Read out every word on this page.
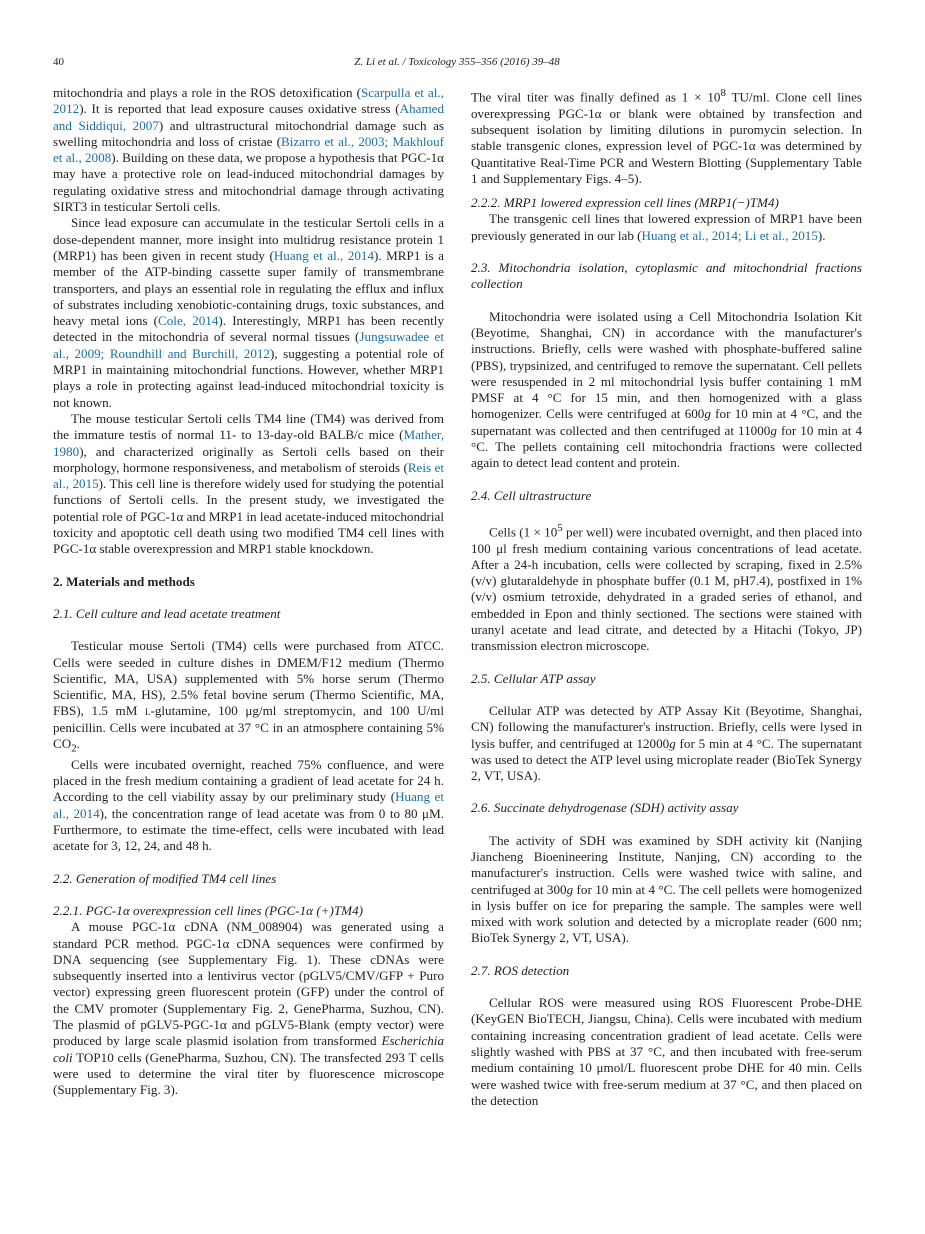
40	Z. Li et al. / Toxicology 355–356 (2016) 39–48

mitochondria and plays a role in the ROS detoxification (Scarpulla et al., 2012). It is reported that lead exposure causes oxidative stress (Ahamed and Siddiqui, 2007) and ultrastructural mitochondrial damage such as swelling mitochondria and loss of cristae (Bizarro et al., 2003; Makhlouf et al., 2008). Building on these data, we propose a hypothesis that PGC-1α may have a protective role on lead-induced mitochondrial damages by regulating oxidative stress and mitochondrial damage through activating SIRT3 in testicular Sertoli cells.

Since lead exposure can accumulate in the testicular Sertoli cells in a dose-dependent manner, more insight into multidrug resistance protein 1 (MRP1) has been given in recent study (Huang et al., 2014). MRP1 is a member of the ATP-binding cassette super family of transmembrane transporters, and plays an essential role in regulating the efflux and influx of substrates including xenobiotic-containing drugs, toxic substances, and heavy metal ions (Cole, 2014). Interestingly, MRP1 has been recently detected in the mitochondria of several normal tissues (Jungsuwadee et al., 2009; Roundhill and Burchill, 2012), suggesting a potential role of MRP1 in maintaining mitochondrial functions. However, whether MRP1 plays a role in protecting against lead-induced mitochondrial toxicity is not known.

The mouse testicular Sertoli cells TM4 line (TM4) was derived from the immature testis of normal 11- to 13-day-old BALB/c mice (Mather, 1980), and characterized originally as Sertoli cells based on their morphology, hormone responsiveness, and metabolism of steroids (Reis et al., 2015). This cell line is therefore widely used for studying the potential functions of Sertoli cells. In the present study, we investigated the potential role of PGC-1α and MRP1 in lead acetate-induced mitochondrial toxicity and apoptotic cell death using two modified TM4 cell lines with PGC-1α stable overexpression and MRP1 stable knockdown.

2. Materials and methods
2.1. Cell culture and lead acetate treatment

Testicular mouse Sertoli (TM4) cells were purchased from ATCC. Cells were seeded in culture dishes in DMEM/F12 medium (Thermo Scientific, MA, USA) supplemented with 5% horse serum (Thermo Scientific, MA, HS), 2.5% fetal bovine serum (Thermo Scientific, MA, FBS), 1.5 mM l-glutamine, 100 μg/ml streptomycin, and 100 U/ml penicillin. Cells were incubated at 37 °C in an atmosphere containing 5% $CO_2$.

Cells were incubated overnight, reached 75% confluence, and were placed in the fresh medium containing a gradient of lead acetate for 24 h. According to the cell viability assay by our preliminary study (Huang et al., 2014), the concentration range of lead acetate was from 0 to 80 μM. Furthermore, to estimate the time-effect, cells were incubated with lead acetate for 3, 12, 24, and 48 h.

2.2. Generation of modified TM4 cell lines
2.2.1. PGC-1α overexpression cell lines (PGC-1α (+)TM4)

A mouse PGC-1α cDNA (NM_008904) was generated using a standard PCR method. PGC-1α cDNA sequences were confirmed by DNA sequencing (see Supplementary Fig. 1). These cDNAs were subsequently inserted into a lentivirus vector (pGLV5/CMV/GFP + Puro vector) expressing green fluorescent protein (GFP) under the control of the CMV promoter (Supplementary Fig. 2, GenePharma, Suzhou, CN). The plasmid of pGLV5-PGC-1α and pGLV5-Blank (empty vector) were produced by large scale plasmid isolation from transformed Escherichia coli TOP10 cells (GenePharma, Suzhou, CN). The transfected 293 T cells were used to determine the viral titer by fluorescence microscope (Supplementary Fig. 3).

The viral titer was finally defined as $1 \times 10^8$ TU/ml. Clone cell lines overexpressing PGC-1α or blank were obtained by transfection and subsequent isolation by limiting dilutions in puromycin selection. In stable transgenic clones, expression level of PGC-1α was determined by Quantitative Real-Time PCR and Western Blotting (Supplementary Table 1 and Supplementary Figs. 4–5).

2.2.2. MRP1 lowered expression cell lines (MRP1(−)TM4)

The transgenic cell lines that lowered expression of MRP1 have been previously generated in our lab (Huang et al., 2014; Li et al., 2015).

2.3. Mitochondria isolation, cytoplasmic and mitochondrial fractions collection

Mitochondria were isolated using a Cell Mitochondria Isolation Kit (Beyotime, Shanghai, CN) in accordance with the manufacturer's instructions. Briefly, cells were washed with phosphate-buffered saline (PBS), trypsinized, and centrifuged to remove the supernatant. Cell pellets were resuspended in 2 ml mitochondrial lysis buffer containing 1 mM PMSF at 4 °C for 15 min, and then homogenized with a glass homogenizer. Cells were centrifuged at 600g for 10 min at 4 °C, and the supernatant was collected and then centrifuged at 11000g for 10 min at 4 °C. The pellets containing cell mitochondria fractions were collected again to detect lead content and protein.

2.4. Cell ultrastructure

Cells ($1 \times 10^5$ per well) were incubated overnight, and then placed into 100 μl fresh medium containing various concentrations of lead acetate. After a 24-h incubation, cells were collected by scraping, fixed in 2.5% (v/v) glutaraldehyde in phosphate buffer (0.1 M, pH7.4), postfixed in 1% (v/v) osmium tetroxide, dehydrated in a graded series of ethanol, and embedded in Epon and thinly sectioned. The sections were stained with uranyl acetate and lead citrate, and detected by a Hitachi (Tokyo, JP) transmission electron microscope.

2.5. Cellular ATP assay

Cellular ATP was detected by ATP Assay Kit (Beyotime, Shanghai, CN) following the manufacturer's instruction. Briefly, cells were lysed in lysis buffer, and centrifuged at 12000g for 5 min at 4 °C. The supernatant was used to detect the ATP level using microplate reader (BioTek Synergy 2, VT, USA).

2.6. Succinate dehydrogenase (SDH) activity assay

The activity of SDH was examined by SDH activity kit (Nanjing Jiancheng Bioenineering Institute, Nanjing, CN) according to the manufacturer's instruction. Cells were washed twice with saline, and centrifuged at 300g for 10 min at 4 °C. The cell pellets were homogenized in lysis buffer on ice for preparing the sample. The samples were well mixed with work solution and detected by a microplate reader (600 nm; BioTek Synergy 2, VT, USA).

2.7. ROS detection

Cellular ROS were measured using ROS Fluorescent Probe-DHE (KeyGEN BioTECH, Jiangsu, China). Cells were incubated with medium containing increasing concentration gradient of lead acetate. Cells were slightly washed with PBS at 37 °C, and then incubated with free-serum medium containing 10 μmol/L fluorescent probe DHE for 40 min. Cells were washed twice with free-serum medium at 37 °C, and then placed on the detection
